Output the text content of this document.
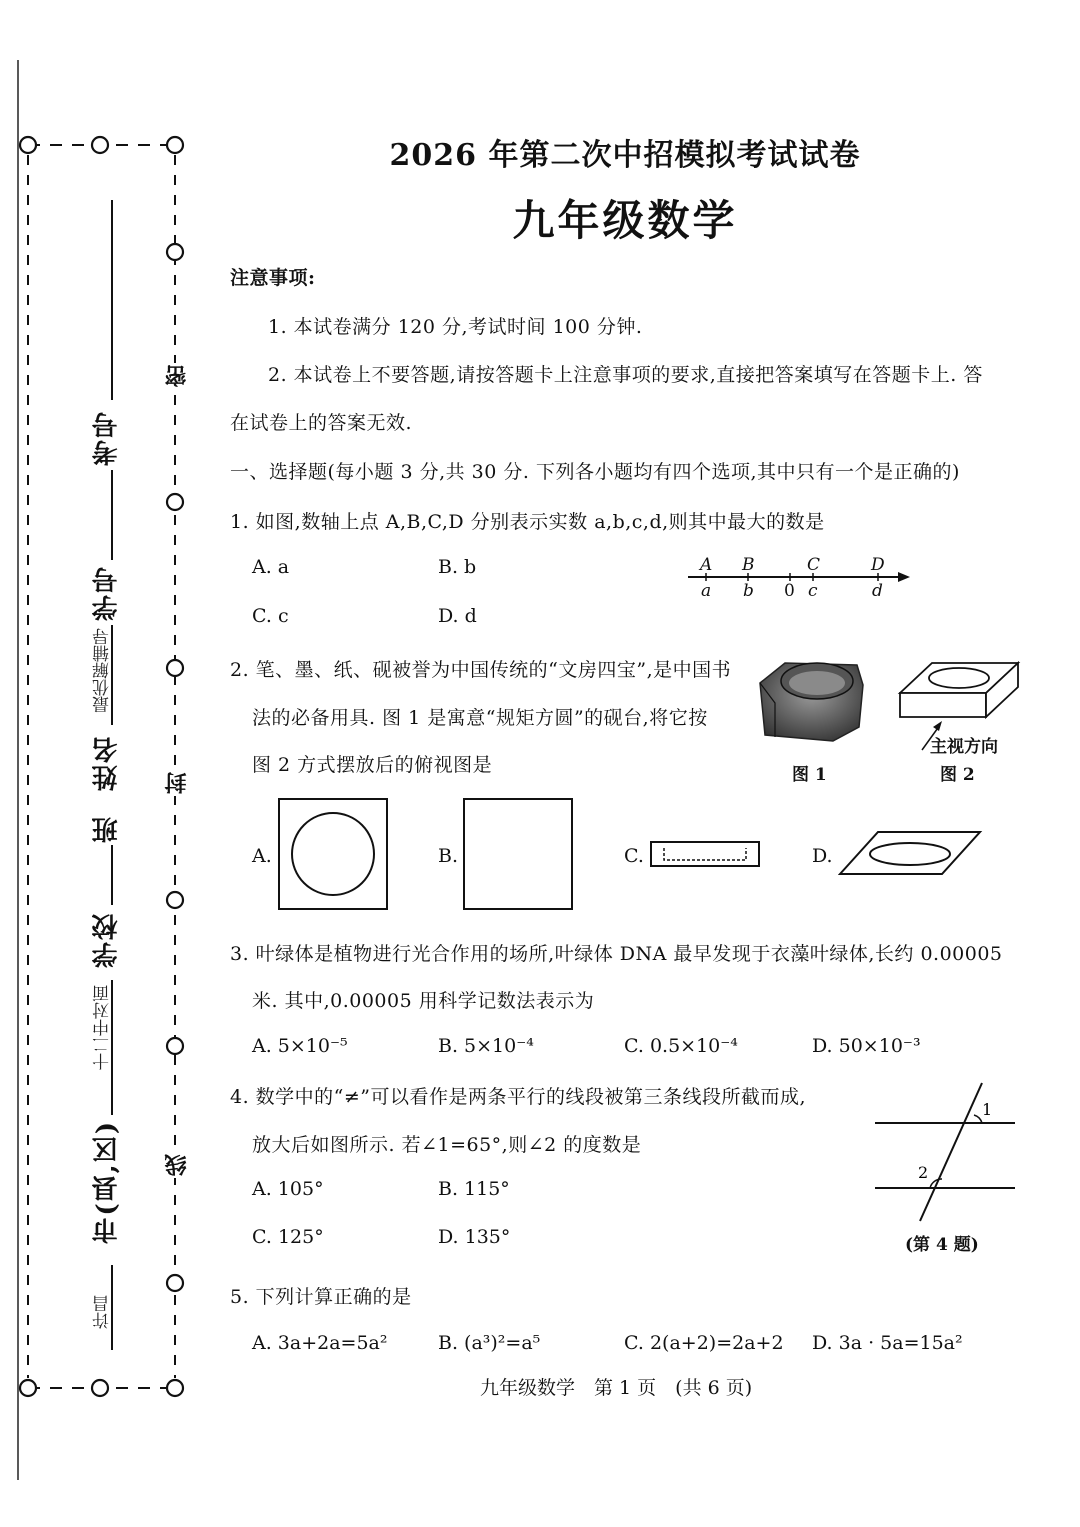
密
封
线
考号
学号
最优解辅导
姓名
班
学校
十二中对面
市(县,区)
许昌
2026 年第二次中招模拟考试试卷
九年级数学
注意事项:
1. 本试卷满分 120 分,考试时间 100 分钟.
2. 本试卷上不要答题,请按答题卡上注意事项的要求,直接把答案填写在答题卡上. 答
在试卷上的答案无效.
一、选择题(每小题 3 分,共 30 分. 下列各小题均有四个选项,其中只有一个是正确的)
1. 如图,数轴上点 A,B,C,D 分别表示实数 a,b,c,d,则其中最大的数是
A. a	B. b
C. c	D. d
A B	C	D
a b 0 c	d
2. 笔、墨、纸、砚被誉为中国传统的“文房四宝”,是中国书
法的必备用具. 图 1 是寓意“规矩方圆”的砚台,将它按
图 2 方式摆放后的俯视图是	图 1
主视方向
图 2
A.	B.	C.	D.
3. 叶绿体是植物进行光合作用的场所,叶绿体 DNA 最早发现于衣藻叶绿体,长约 0.00005
米. 其中,0.00005 用科学记数法表示为
A. 5×10⁻⁵	B. 5×10⁻⁴	C. 0.5×10⁻⁴	D. 50×10⁻³
4. 数学中的“≠”可以看作是两条平行的线段被第三条线段所截而成,
放大后如图所示. 若∠1=65°,则∠2 的度数是
A. 105°	B. 115°
C. 125°	D. 135°
1
2
(第 4 题)
5. 下列计算正确的是
A. 3a+2a=5a²	B. (a³)²=a⁵	C. 2(a+2)=2a+2 D. 3a · 5a=15a²
九年级数学　第 1 页　(共 6 页)
